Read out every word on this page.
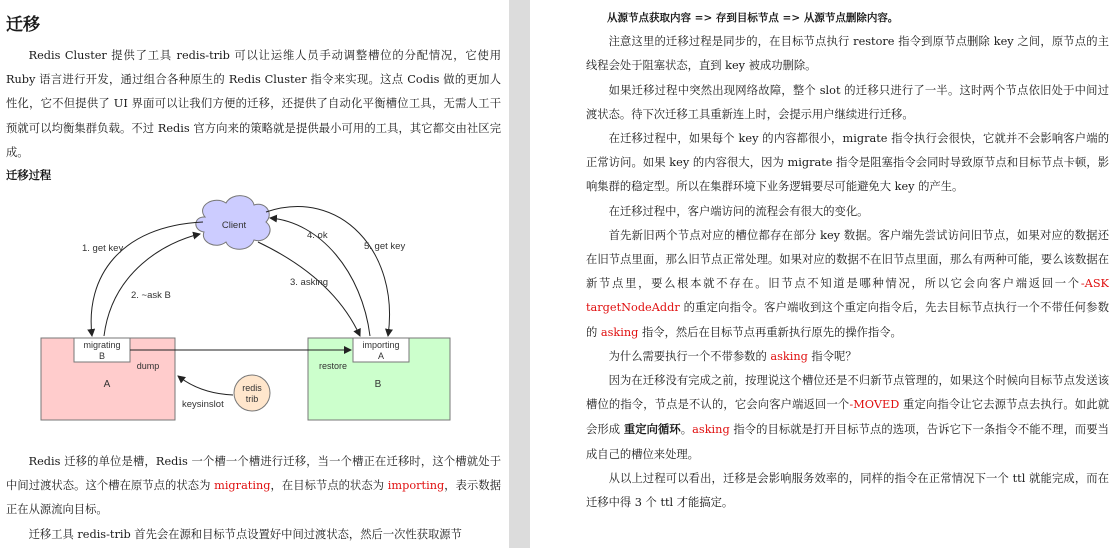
迁移

Redis Cluster 提供了工具 redis-trib 可以让运维人员手动调整槽位的分配情况，它使用 Ruby 语言进行开发，通过组合各种原生的 Redis Cluster 指令来实现。这点 Codis 做的更加人性化，它不但提供了 UI 界面可以让我们方便的迁移，还提供了自动化平衡槽位工具，无需人工干预就可以均衡集群负载。不过 Redis 官方向来的策略就是提供最小可用的工具，其它都交由社区完成。

迁移过程
migrating
B
dump
A
importing
A
restore
B
Client
1. get key
2. ~ask B
3. asking
4. ok
5. get key
redis
trib
keysinslot

Redis 迁移的单位是槽，Redis 一个槽一个槽进行迁移，当一个槽正在迁移时，这个槽就处于中间过渡状态。这个槽在原节点的状态为 migrating，在目标节点的状态为 importing，表示数据正在从源流向目标。

迁移工具 redis-trib 首先会在源和目标节点设置好中间过渡状态，然后一次性获取源节

从源节点获取内容 => 存到目标节点 => 从源节点删除内容。

注意这里的迁移过程是同步的，在目标节点执行 restore 指令到原节点删除 key 之间，原节点的主线程会处于阻塞状态，直到 key 被成功删除。

如果迁移过程中突然出现网络故障，整个 slot 的迁移只进行了一半。这时两个节点依旧处于中间过渡状态。待下次迁移工具重新连上时，会提示用户继续进行迁移。

在迁移过程中，如果每个 key 的内容都很小，migrate 指令执行会很快，它就并不会影响客户端的正常访问。如果 key 的内容很大，因为 migrate 指令是阻塞指令会同时导致原节点和目标节点卡顿，影响集群的稳定型。所以在集群环境下业务逻辑要尽可能避免大 key 的产生。

在迁移过程中，客户端访问的流程会有很大的变化。

首先新旧两个节点对应的槽位都存在部分 key 数据。客户端先尝试访问旧节点，如果对应的数据还在旧节点里面，那么旧节点正常处理。如果对应的数据不在旧节点里面，那么有两种可能，要么该数据在新节点里，要么根本就不存在。旧节点不知道是哪种情况，所以它会向客户端返回一个-ASK targetNodeAddr 的重定向指令。客户端收到这个重定向指令后，先去目标节点执行一个不带任何参数的 asking 指令，然后在目标节点再重新执行原先的操作指令。

为什么需要执行一个不带参数的 asking 指令呢？

因为在迁移没有完成之前，按理说这个槽位还是不归新节点管理的，如果这个时候向目标节点发送该槽位的指令，节点是不认的，它会向客户端返回一个-MOVED 重定向指令让它去源节点去执行。如此就会形成 重定向循环。asking 指令的目标就是打开目标节点的选项，告诉它下一条指令不能不理，而要当成自己的槽位来处理。

从以上过程可以看出，迁移是会影响服务效率的，同样的指令在正常情况下一个 ttl 就能完成，而在迁移中得 3 个 ttl 才能搞定。
